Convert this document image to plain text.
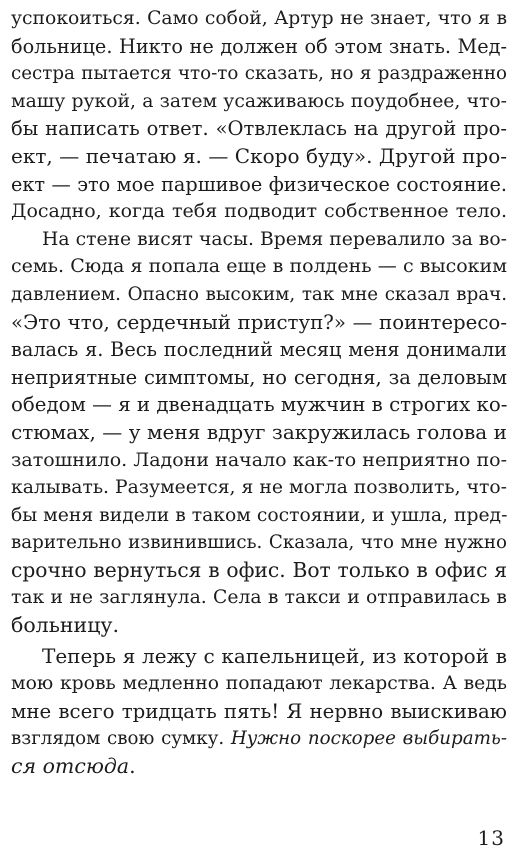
успокоиться. Само собой, Артур не знает, что я в
больнице. Никто не должен об этом знать. Мед-
сестра пытается что-то сказать, но я раздраженно
машу рукой, а затем усаживаюсь поудобнее, что-
бы написать ответ. «Отвлеклась на другой про-
ект, — печатаю я. — Скоро буду». Другой про-
ект — это мое паршивое физическое состояние.
Досадно, когда тебя подводит собственное тело.
На стене висят часы. Время перевалило за во-
семь. Сюда я попала еще в полдень — с высоким
давлением. Опасно высоким, так мне сказал врач.
«Это что, сердечный приступ?» — поинтересо-
валась я. Весь последний месяц меня донимали
неприятные симптомы, но сегодня, за деловым
обедом — я и двенадцать мужчин в строгих ко-
стюмах, — у меня вдруг закружилась голова и
затошнило. Ладони начало как-то неприятно по-
калывать. Разумеется, я не могла позволить, что-
бы меня видели в таком состоянии, и ушла, пред-
варительно извинившись. Сказала, что мне нужно
срочно вернуться в офис. Вот только в офис я
так и не заглянула. Села в такси и отправилась в
больницу.
Теперь я лежу с капельницей, из которой в
мою кровь медленно попадают лекарства. А ведь
мне всего тридцать пять! Я нервно выискиваю
взглядом свою сумку. Нужно поскорее выбирать-
ся отсюда.
13
